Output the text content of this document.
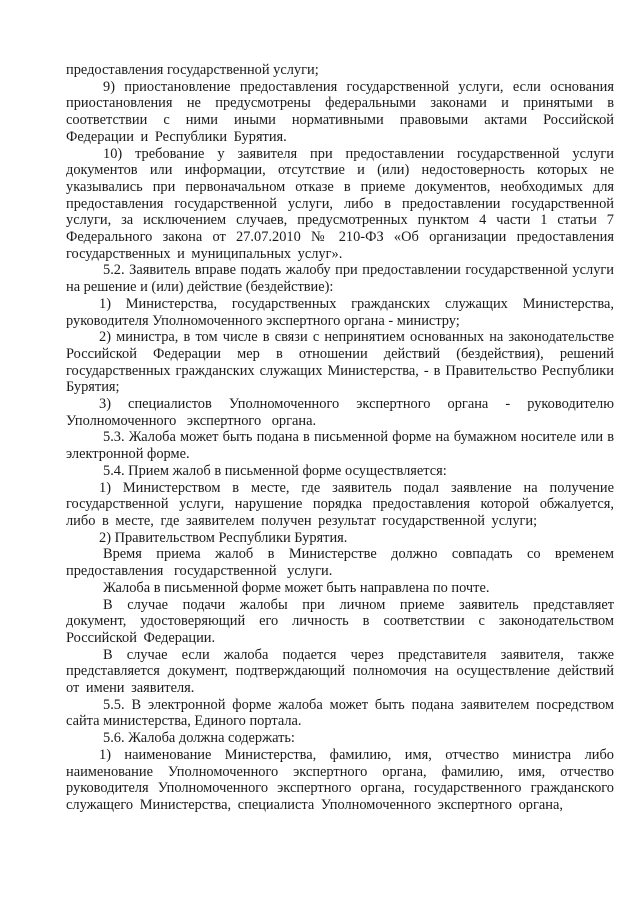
предоставления государственной услуги;

9) приостановление предоставления государственной услуги, если основания приостановления не предусмотрены федеральными законами и принятыми в соответствии с ними иными нормативными правовыми актами Российской Федерации и Республики Бурятия.

10) требование у заявителя при предоставлении государственной услуги документов или информации, отсутствие и (или) недостоверность которых не указывались при первоначальном отказе в приеме документов, необходимых для предоставления государственной услуги, либо в предоставлении государственной услуги, за исключением случаев, предусмотренных пунктом 4 части 1 статьи 7 Федерального закона от 27.07.2010 № 210-ФЗ «Об организации предоставления государственных и муниципальных услуг».

5.2. Заявитель вправе подать жалобу при предоставлении государственной услуги на решение и (или) действие (бездействие):

1) Министерства, государственных гражданских служащих Министерства, руководителя Уполномоченного экспертного органа - министру;

2) министра, в том числе в связи с непринятием основанных на законодательстве Российской Федерации мер в отношении действий (бездействия), решений государственных гражданских служащих Министерства, - в Правительство Республики Бурятия;

3) специалистов Уполномоченного экспертного органа - руководителю Уполномоченного экспертного органа.

5.3. Жалоба может быть подана в письменной форме на бумажном носителе или в электронной форме.

5.4. Прием жалоб в письменной форме осуществляется:

1) Министерством в месте, где заявитель подал заявление на получение государственной услуги, нарушение порядка предоставления которой обжалуется, либо в месте, где заявителем получен результат государственной услуги;

2) Правительством Республики Бурятия.

Время приема жалоб в Министерстве должно совпадать со временем предоставления государственной услуги.

Жалоба в письменной форме может быть направлена по почте.

В случае подачи жалобы при личном приеме заявитель представляет документ, удостоверяющий его личность в соответствии с законодательством Российской Федерации.

В случае если жалоба подается через представителя заявителя, также представляется документ, подтверждающий полномочия на осуществление действий от имени заявителя.

5.5. В электронной форме жалоба может быть подана заявителем посредством сайта министерства, Единого портала.

5.6. Жалоба должна содержать:

1) наименование Министерства, фамилию, имя, отчество министра либо наименование Уполномоченного экспертного органа, фамилию, имя, отчество руководителя Уполномоченного экспертного органа, государственного гражданского служащего Министерства, специалиста Уполномоченного экспертного органа,
